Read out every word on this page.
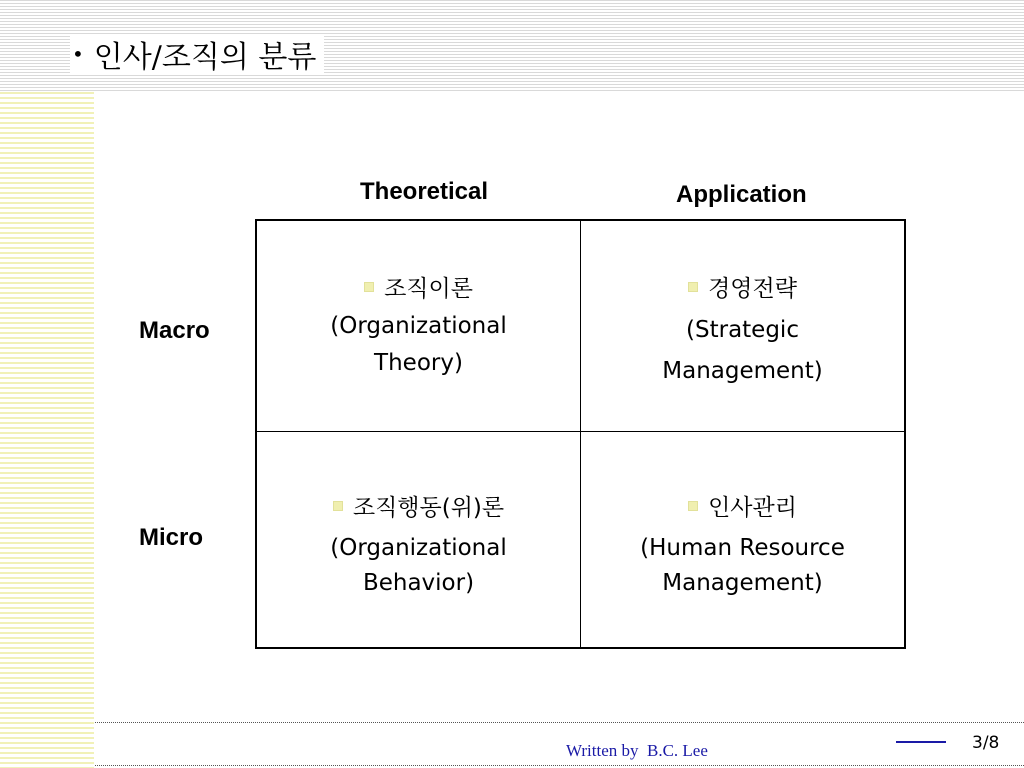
• 인사/조직의 분류
Theoretical	Application
Macro
Micro
조직이론
(Organizational
Theory)
경영전략
(Strategic
Management)
조직행동(위)론
(Organizational
Behavior)
인사관리
(Human Resource
Management)
Written by  B.C. Lee	3/8
